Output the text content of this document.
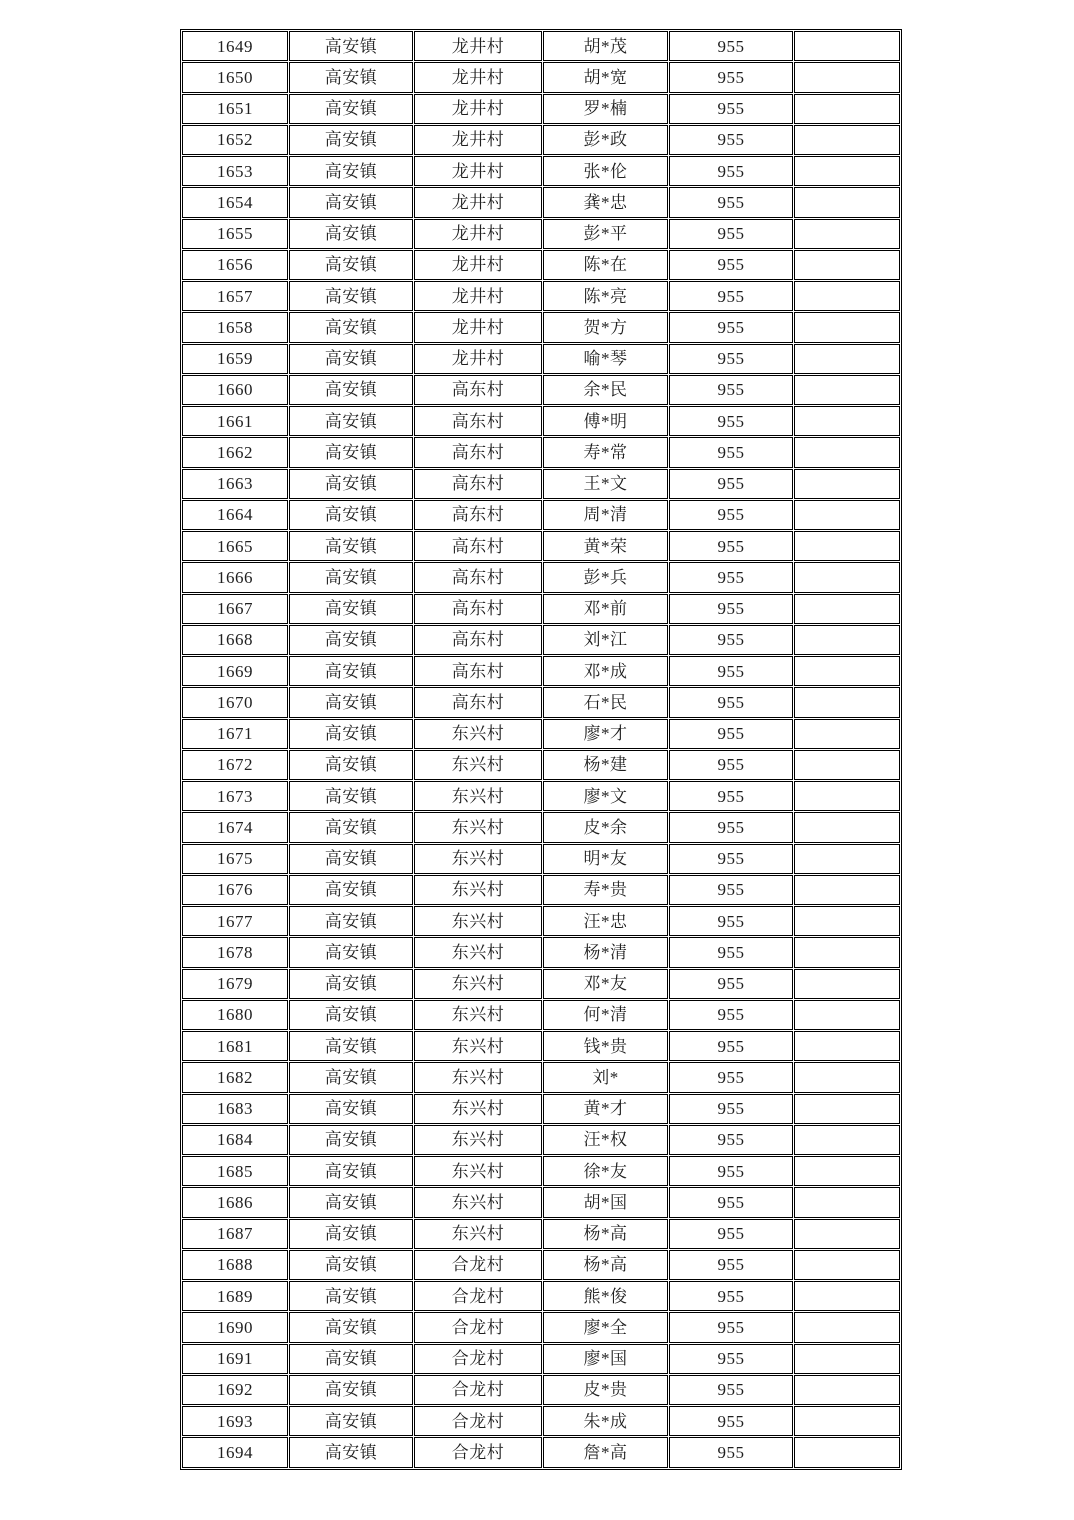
1649	高安镇	龙井村	胡*茂	955	
1650	高安镇	龙井村	胡*宽	955	
1651	高安镇	龙井村	罗*楠	955	
1652	高安镇	龙井村	彭*政	955	
1653	高安镇	龙井村	张*伦	955	
1654	高安镇	龙井村	龚*忠	955	
1655	高安镇	龙井村	彭*平	955	
1656	高安镇	龙井村	陈*在	955	
1657	高安镇	龙井村	陈*亮	955	
1658	高安镇	龙井村	贺*方	955	
1659	高安镇	龙井村	喻*琴	955	
1660	高安镇	高东村	余*民	955	
1661	高安镇	高东村	傅*明	955	
1662	高安镇	高东村	寿*常	955	
1663	高安镇	高东村	王*文	955	
1664	高安镇	高东村	周*清	955	
1665	高安镇	高东村	黄*荣	955	
1666	高安镇	高东村	彭*兵	955	
1667	高安镇	高东村	邓*前	955	
1668	高安镇	高东村	刘*江	955	
1669	高安镇	高东村	邓*成	955	
1670	高安镇	高东村	石*民	955	
1671	高安镇	东兴村	廖*才	955	
1672	高安镇	东兴村	杨*建	955	
1673	高安镇	东兴村	廖*文	955	
1674	高安镇	东兴村	皮*余	955	
1675	高安镇	东兴村	明*友	955	
1676	高安镇	东兴村	寿*贵	955	
1677	高安镇	东兴村	汪*忠	955	
1678	高安镇	东兴村	杨*清	955	
1679	高安镇	东兴村	邓*友	955	
1680	高安镇	东兴村	何*清	955	
1681	高安镇	东兴村	钱*贵	955	
1682	高安镇	东兴村	刘*	955	
1683	高安镇	东兴村	黄*才	955	
1684	高安镇	东兴村	汪*权	955	
1685	高安镇	东兴村	徐*友	955	
1686	高安镇	东兴村	胡*国	955	
1687	高安镇	东兴村	杨*高	955	
1688	高安镇	合龙村	杨*高	955	
1689	高安镇	合龙村	熊*俊	955	
1690	高安镇	合龙村	廖*全	955	
1691	高安镇	合龙村	廖*国	955	
1692	高安镇	合龙村	皮*贵	955	
1693	高安镇	合龙村	朱*成	955	
1694	高安镇	合龙村	詹*高	955	
